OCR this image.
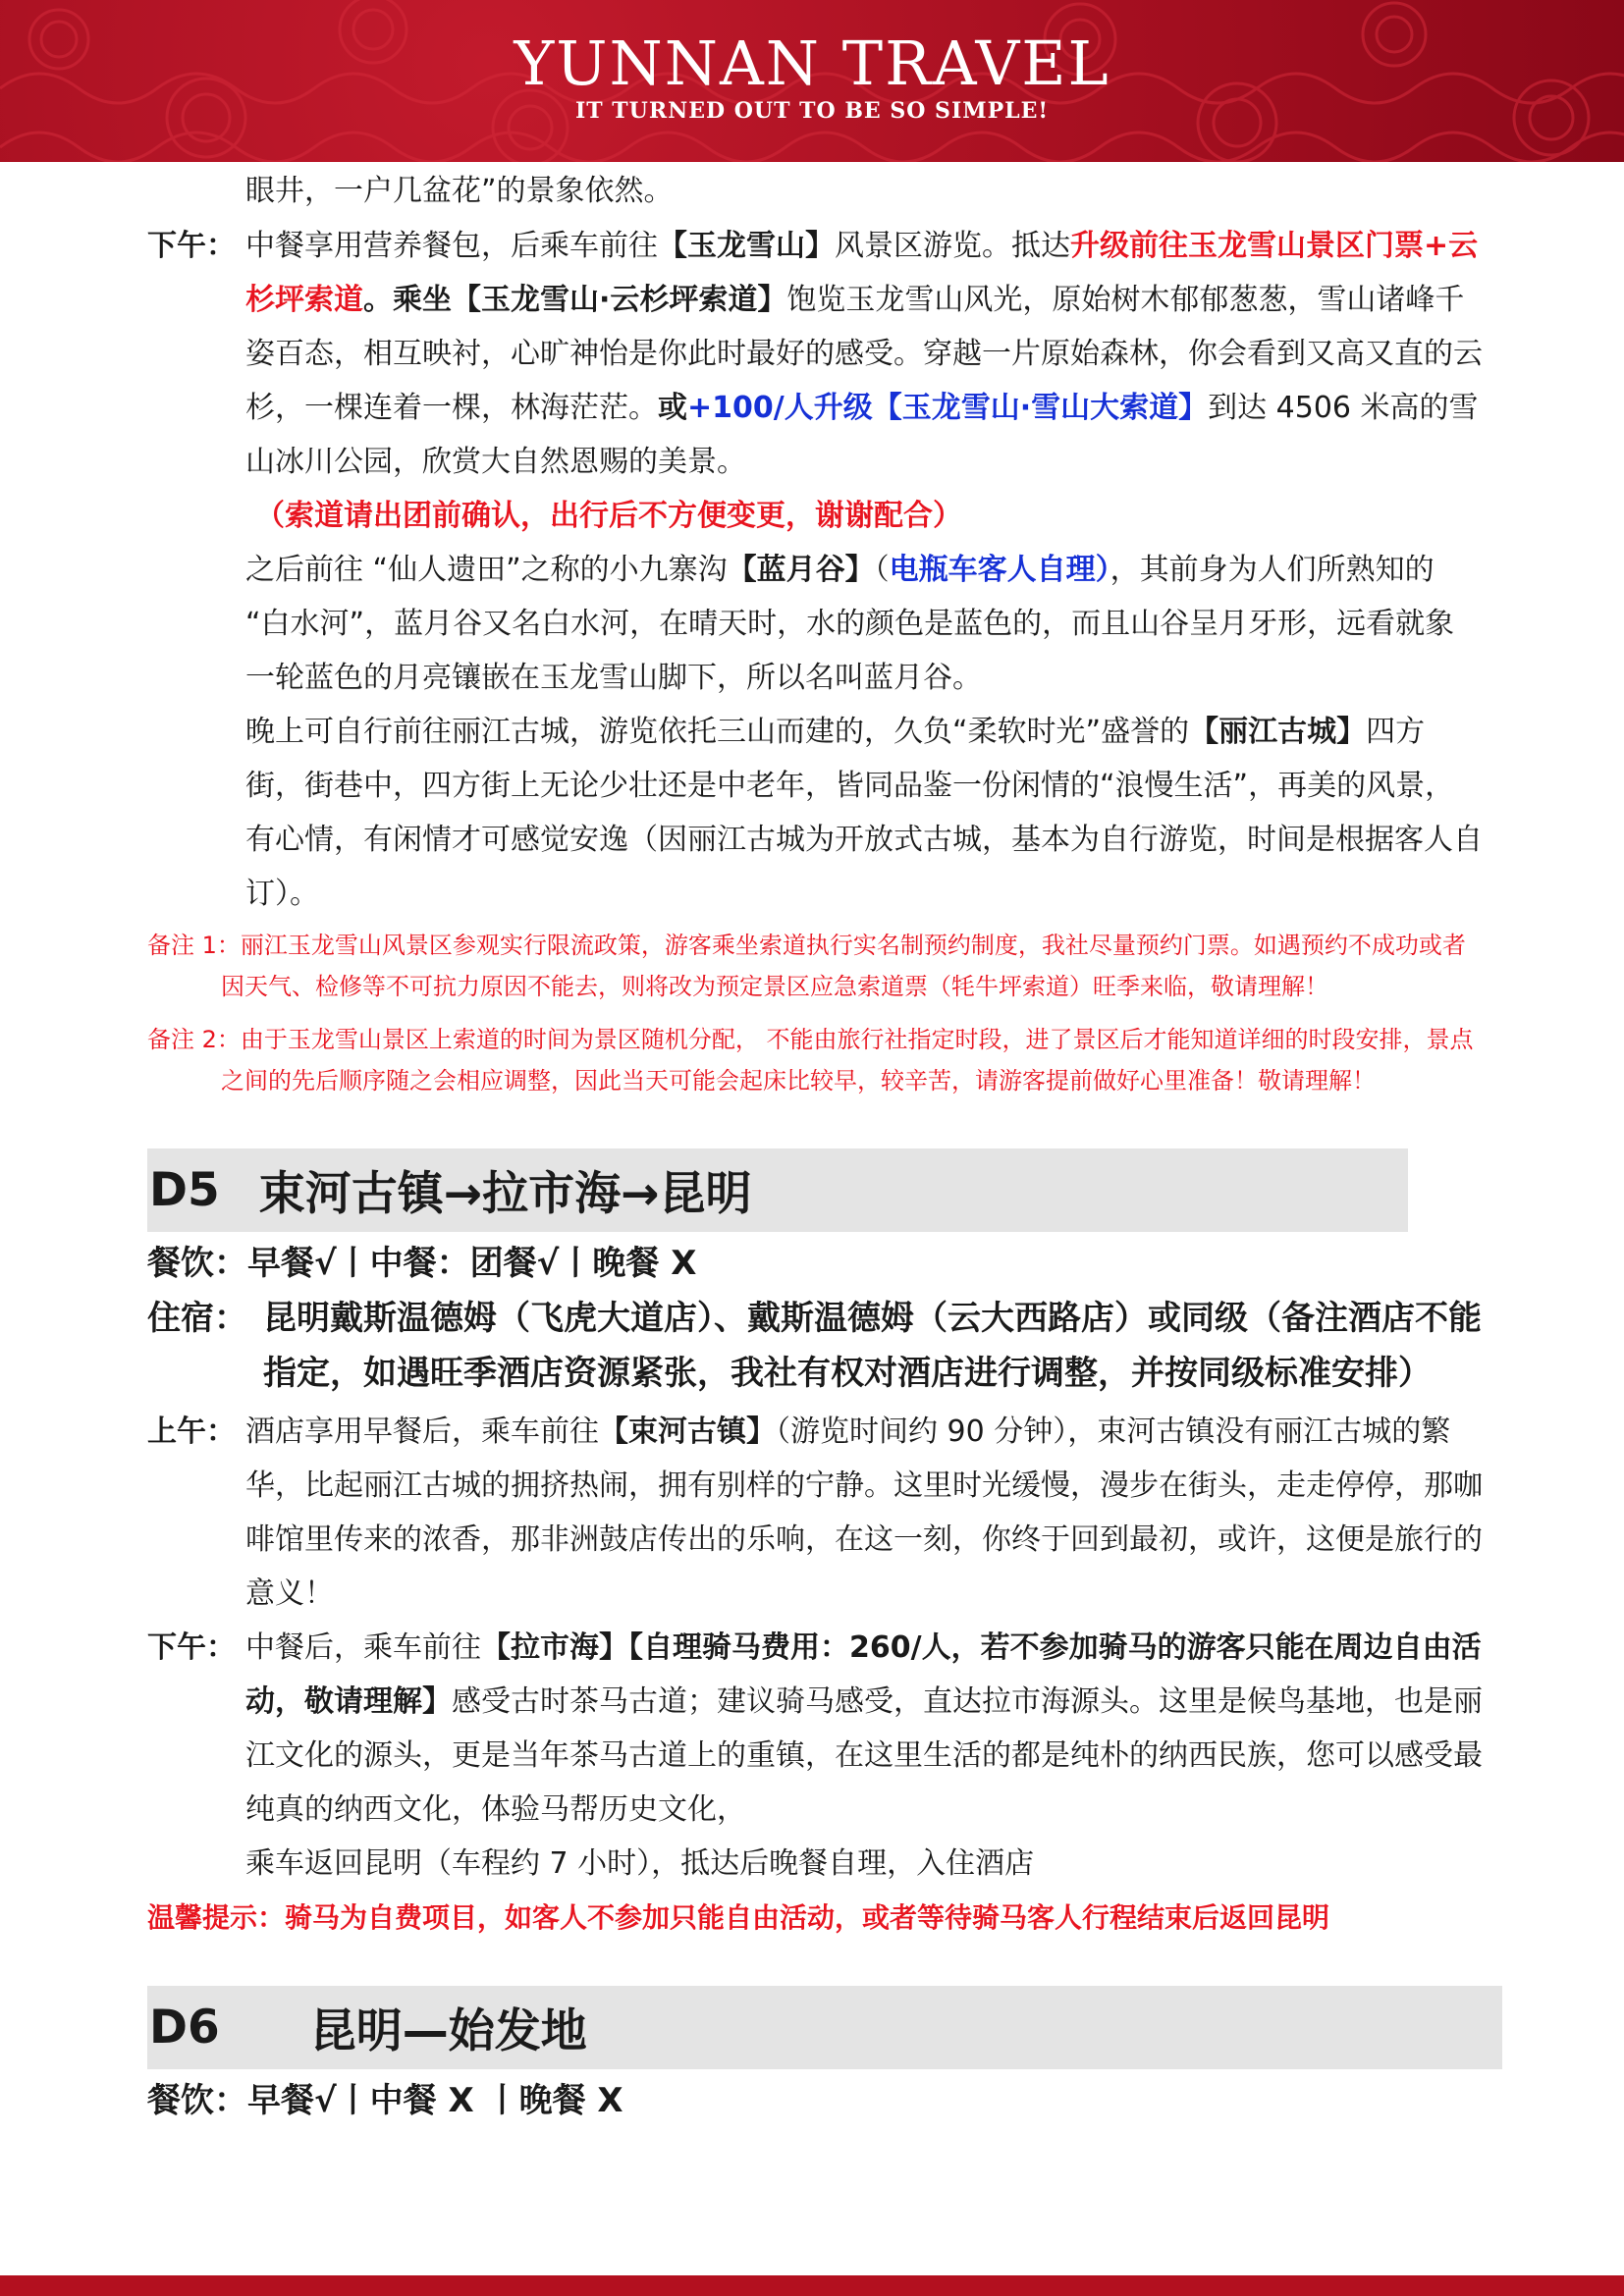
YUNNAN TRAVEL
IT TURNED OUT TO BE SO SIMPLE!
眼井，一户几盆花”的景象依然。
下午： 中餐享用营养餐包，后乘车前往【玉龙雪山】风景区游览。抵达升级前往玉龙雪山景区门票+云杉坪索道。乘坐【玉龙雪山·云杉坪索道】饱览玉龙雪山风光，原始树木郁郁葱葱，雪山诸峰千姿百态，相互映衬，心旷神怡是你此时最好的感受。穿越一片原始森林，你会看到又高又直的云杉，一棵连着一棵，林海茫茫。或+100/人升级【玉龙雪山·雪山大索道】到达 4506 米高的雪山冰川公园，欣赏大自然恩赐的美景。
（索道请出团前确认，出行后不方便变更，谢谢配合）
之后前往 “仙人遗田”之称的小九寨沟【蓝月谷】（电瓶车客人自理），其前身为人们所熟知的 “白水河”，蓝月谷又名白水河，在晴天时，水的颜色是蓝色的，而且山谷呈月牙形，远看就象一轮蓝色的月亮镶嵌在玉龙雪山脚下，所以名叫蓝月谷。
晚上可自行前往丽江古城，游览依托三山而建的，久负“柔软时光”盛誉的【丽江古城】四方街，街巷中，四方街上无论少壮还是中老年，皆同品鉴一份闲情的“浪慢生活”，再美的风景，有心情，有闲情才可感觉安逸（因丽江古城为开放式古城，基本为自行游览，时间是根据客人自订）。
备注 1：丽江玉龙雪山风景区参观实行限流政策，游客乘坐索道执行实名制预约制度，我社尽量预约门票。如遇预约不成功或者因天气、检修等不可抗力原因不能去，则将改为预定景区应急索道票（牦牛坪索道）旺季来临，敬请理解！
备注 2：由于玉龙雪山景区上索道的时间为景区随机分配， 不能由旅行社指定时段，进了景区后才能知道详细的时段安排，景点之间的先后顺序随之会相应调整，因此当天可能会起床比较早，较辛苦，请游客提前做好心里准备！敬请理解！
D5 束河古镇→拉市海→昆明
餐饮：早餐√丨中餐：团餐√丨晚餐 X
住宿： 昆明戴斯温德姆（飞虎大道店）、戴斯温德姆（云大西路店）或同级（备注酒店不能指定，如遇旺季酒店资源紧张，我社有权对酒店进行调整，并按同级标准安排）
上午： 酒店享用早餐后，乘车前往【束河古镇】（游览时间约 90 分钟），束河古镇没有丽江古城的繁华，比起丽江古城的拥挤热闹，拥有别样的宁静。这里时光缓慢，漫步在街头，走走停停，那咖啡馆里传来的浓香，那非洲鼓店传出的乐响，在这一刻，你终于回到最初，或许，这便是旅行的意义！
下午： 中餐后，乘车前往【拉市海】【自理骑马费用：260/人，若不参加骑马的游客只能在周边自由活动，敬请理解】感受古时茶马古道；建议骑马感受，直达拉市海源头。这里是候鸟基地，也是丽江文化的源头，更是当年茶马古道上的重镇，在这里生活的都是纯朴的纳西民族，您可以感受最纯真的纳西文化，体验马帮历史文化，
乘车返回昆明（车程约 7 小时），抵达后晚餐自理，入住酒店
温馨提示：骑马为自费项目，如客人不参加只能自由活动，或者等待骑马客人行程结束后返回昆明
D6 昆明—始发地
餐饮：早餐√丨中餐 X 丨晚餐 X
